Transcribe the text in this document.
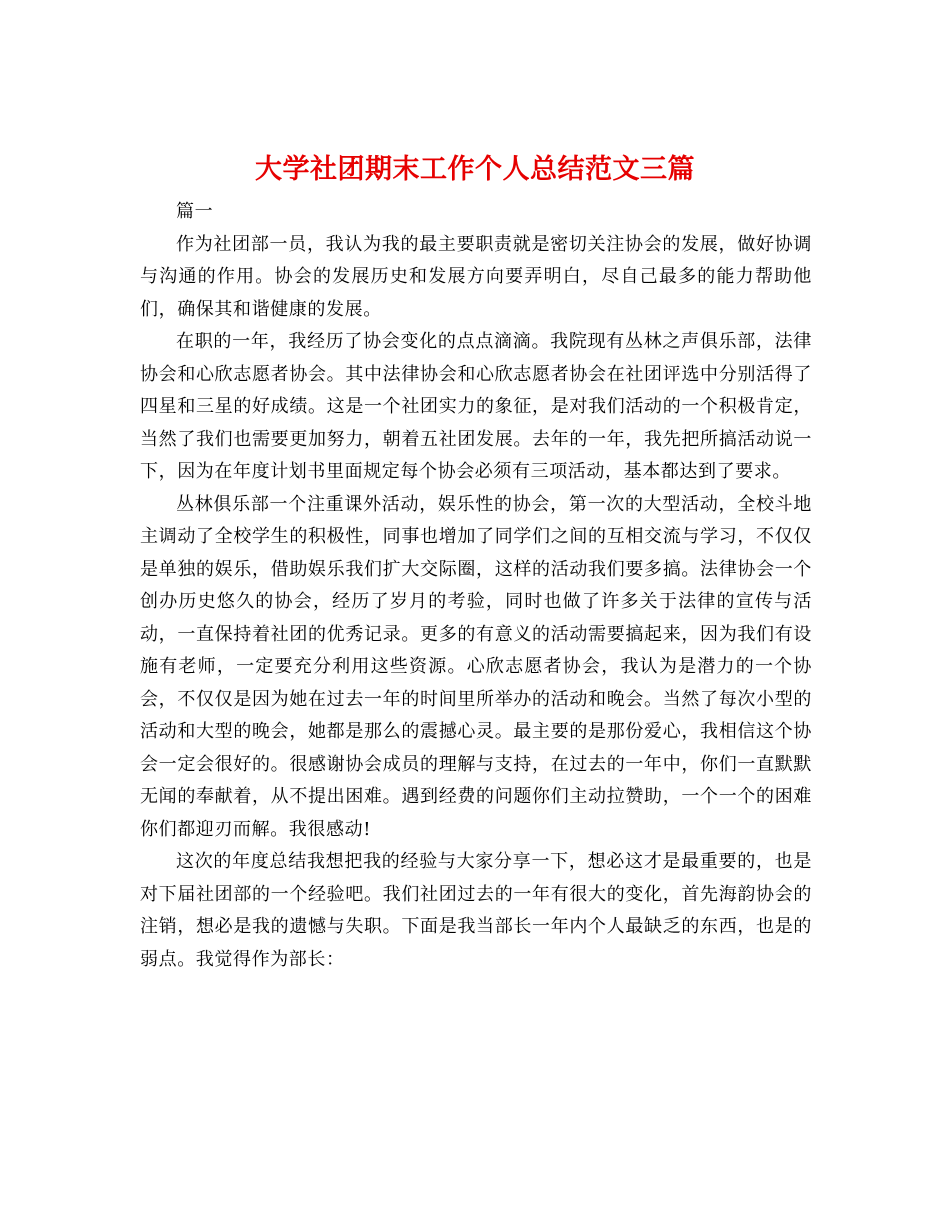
大学社团期末工作个人总结范文三篇

篇一

作为社团部一员，我认为我的最主要职责就是密切关注协会的发展，做好协调与沟通的作用。协会的发展历史和发展方向要弄明白，尽自己最多的能力帮助他们，确保其和谐健康的发展。

在职的一年，我经历了协会变化的点点滴滴。我院现有丛林之声俱乐部，法律协会和心欣志愿者协会。其中法律协会和心欣志愿者协会在社团评选中分别活得了四星和三星的好成绩。这是一个社团实力的象征，是对我们活动的一个积极肯定，当然了我们也需要更加努力，朝着五社团发展。去年的一年，我先把所搞活动说一下，因为在年度计划书里面规定每个协会必须有三项活动，基本都达到了要求。

丛林俱乐部一个注重课外活动，娱乐性的协会，第一次的大型活动，全校斗地主调动了全校学生的积极性，同事也增加了同学们之间的互相交流与学习，不仅仅是单独的娱乐，借助娱乐我们扩大交际圈，这样的活动我们要多搞。法律协会一个创办历史悠久的协会，经历了岁月的考验，同时也做了许多关于法律的宣传与活动，一直保持着社团的优秀记录。更多的有意义的活动需要搞起来，因为我们有设施有老师，一定要充分利用这些资源。心欣志愿者协会，我认为是潜力的一个协会，不仅仅是因为她在过去一年的时间里所举办的活动和晚会。当然了每次小型的活动和大型的晚会，她都是那么的震撼心灵。最主要的是那份爱心，我相信这个协会一定会很好的。很感谢协会成员的理解与支持，在过去的一年中，你们一直默默无闻的奉献着，从不提出困难。遇到经费的问题你们主动拉赞助，一个一个的困难你们都迎刃而解。我很感动!

这次的年度总结我想把我的经验与大家分享一下，想必这才是最重要的，也是对下届社团部的一个经验吧。我们社团过去的一年有很大的变化，首先海韵协会的注销，想必是我的遗憾与失职。下面是我当部长一年内个人最缺乏的东西，也是的弱点。我觉得作为部长：
